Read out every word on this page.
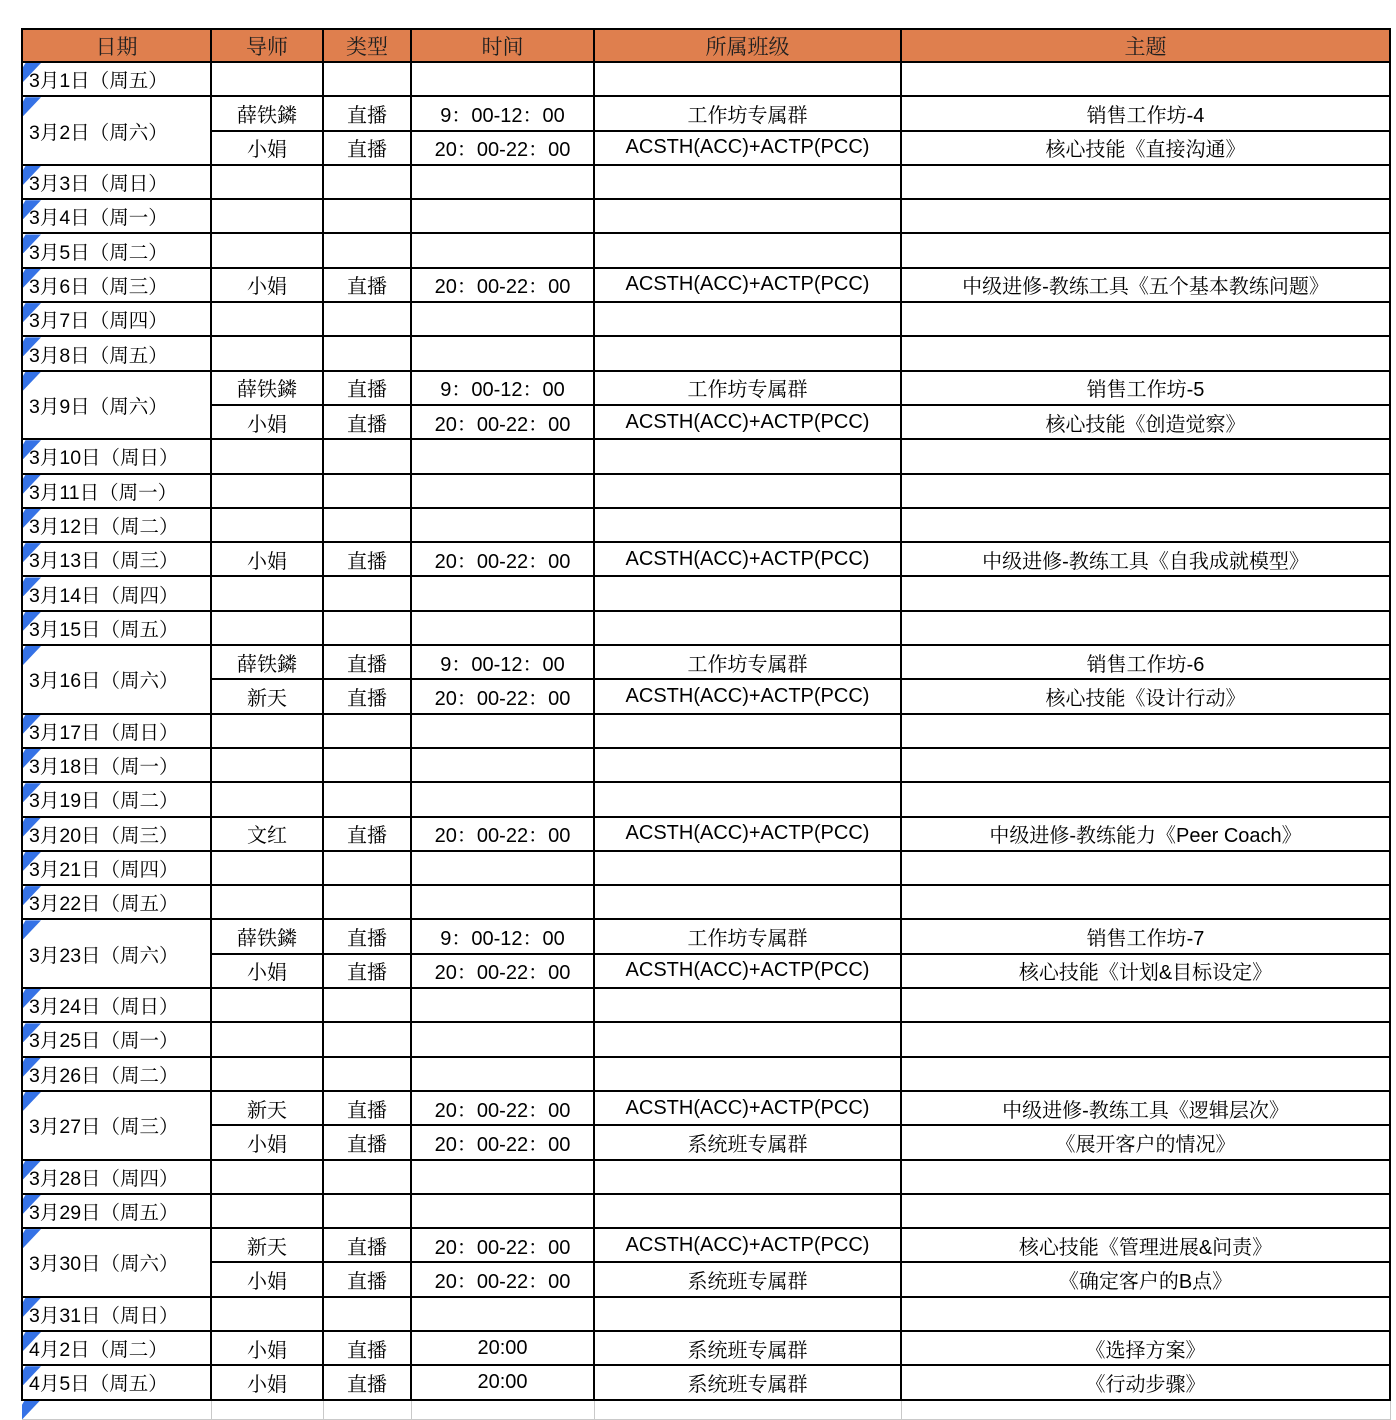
日期	导师	类型	时间	所属班级	主题

3月1日（周五）					

3月2日（周六）	薛铁鏻	直播	9：00-12：00	工作坊专属群	销售工作坊-4
	小娟	直播	20：00-22：00	ACSTH(ACC)+ACTP(PCC)	核心技能《直接沟通》

3月3日（周日）					

3月4日（周一）					

3月5日（周二）					

3月6日（周三）	小娟	直播	20：00-22：00	ACSTH(ACC)+ACTP(PCC)	中级进修-教练工具《五个基本教练问题》

3月7日（周四）					

3月8日（周五）					

3月9日（周六）	薛铁鏻	直播	9：00-12：00	工作坊专属群	销售工作坊-5
	小娟	直播	20：00-22：00	ACSTH(ACC)+ACTP(PCC)	核心技能《创造觉察》

3月10日（周日）					

3月11日（周一）					

3月12日（周二）					

3月13日（周三）	小娟	直播	20：00-22：00	ACSTH(ACC)+ACTP(PCC)	中级进修-教练工具《自我成就模型》

3月14日（周四）					

3月15日（周五）					

3月16日（周六）	薛铁鏻	直播	9：00-12：00	工作坊专属群	销售工作坊-6
	新天	直播	20：00-22：00	ACSTH(ACC)+ACTP(PCC)	核心技能《设计行动》

3月17日（周日）					

3月18日（周一）					

3月19日（周二）					

3月20日（周三）	文红	直播	20：00-22：00	ACSTH(ACC)+ACTP(PCC)	中级进修-教练能力《Peer Coach》

3月21日（周四）					

3月22日（周五）					

3月23日（周六）	薛铁鏻	直播	9：00-12：00	工作坊专属群	销售工作坊-7
	小娟	直播	20：00-22：00	ACSTH(ACC)+ACTP(PCC)	核心技能《计划&目标设定》

3月24日（周日）					

3月25日（周一）					

3月26日（周二）					

3月27日（周三）	新天	直播	20：00-22：00	ACSTH(ACC)+ACTP(PCC)	中级进修-教练工具《逻辑层次》
	小娟	直播	20：00-22：00	系统班专属群	《展开客户的情况》

3月28日（周四）					

3月29日（周五）					

3月30日（周六）	新天	直播	20：00-22：00	ACSTH(ACC)+ACTP(PCC)	核心技能《管理进展&问责》
	小娟	直播	20：00-22：00	系统班专属群	《确定客户的B点》

3月31日（周日）					

4月2日（周二）	小娟	直播	20:00	系统班专属群	《选择方案》

4月5日（周五）	小娟	直播	20:00	系统班专属群	《行动步骤》
